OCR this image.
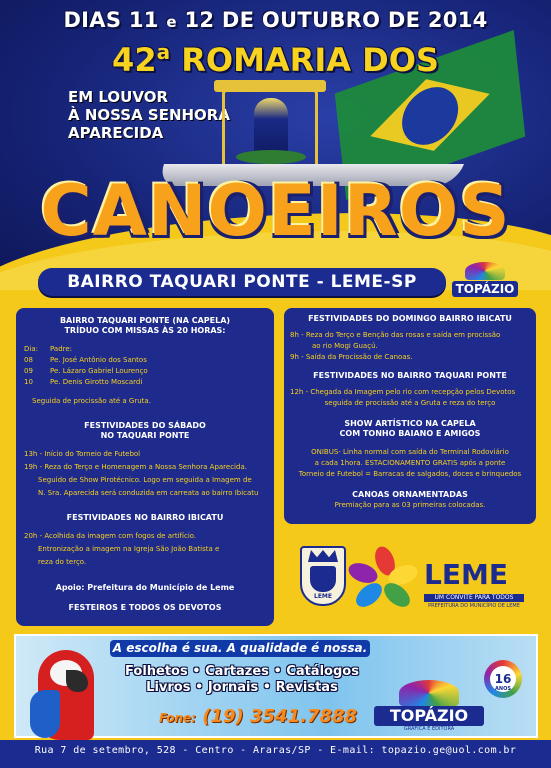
DIAS 11 e 12 DE OUTUBRO DE 2014
42$^a$ ROMARIA DOS
EM LOUVOR
À NOSSA SENHORA
APARECIDA
CANOEIROS
BAIRRO TAQUARI PONTE - LEME-SP	TOPÁZIO
BAIRRO TAQUARI PONTE (NA CAPELA)
TRÍDUO COM MISSAS ÀS 20 HORAS:
Dia:	Padre:
08	Pe. José Antônio dos Santos
09	Pe. Lázaro Gabriel Lourenço
10	Pe. Denis Girotto Moscardi
Seguida de procissão até a Gruta.
FESTIVIDADES DO SÁBADO
NO TAQUARI PONTE
13h - Início do Torneio de Futebol
19h - Reza do Terço e Homenagem a Nossa Senhora Aparecida.
Seguido de Show Pirotécnico. Logo em seguida a Imagem de
N. Sra. Aparecida será conduzida em carreata ao bairro Ibicatu
FESTIVIDADES NO BAIRRO IBICATU
20h - Acolhida da imagem com fogos de artifício.
Entronização a imagem na Igreja São João Batista e
reza do terço.
Apoio: Prefeitura do Município de Leme
FESTEIROS E TODOS OS DEVOTOS
FESTIVIDADES DO DOMINGO BAIRRO IBICATU
8h - Reza do Terço e Benção das rosas e saída em procissão
ao rio Mogi Guaçú.
9h - Saída da Procissão de Canoas.
FESTIVIDADES NO BAIRRO TAQUARI PONTE
12h - Chegada da Imagem pelo rio com recepção pelos Devotos
seguida de procissão até a Gruta e reza do terço
SHOW ARTÍSTICO NA CAPELA
COM TONHO BAIANO E AMIGOS
ONIBUS- Linha normal com saída do Terminal Rodoviário
a cada 1hora. ESTACIONAMENTO GRATIS após a ponte
Torneio de Futebol = Barracas de salgados, doces e brinquedos
CANOAS ORNAMENTADAS
Premiação para as 03 primeiras colocadas.
LEME
LEME
UM CONVITE PARA TODOS
PREFEITURA DO MUNICÍPIO DE LEME
A escolha é sua. A qualidade é nossa.
Folhetos • Cartazes • Catálogos
Livros • Jornais • Revistas
Fone: (19) 3541.7888	TOPÁZIO
GRÁFICA E EDITORA
16
ANOS
Rua 7 de setembro, 528 - Centro - Araras/SP - E-mail: topazio.ge@uol.com.br
